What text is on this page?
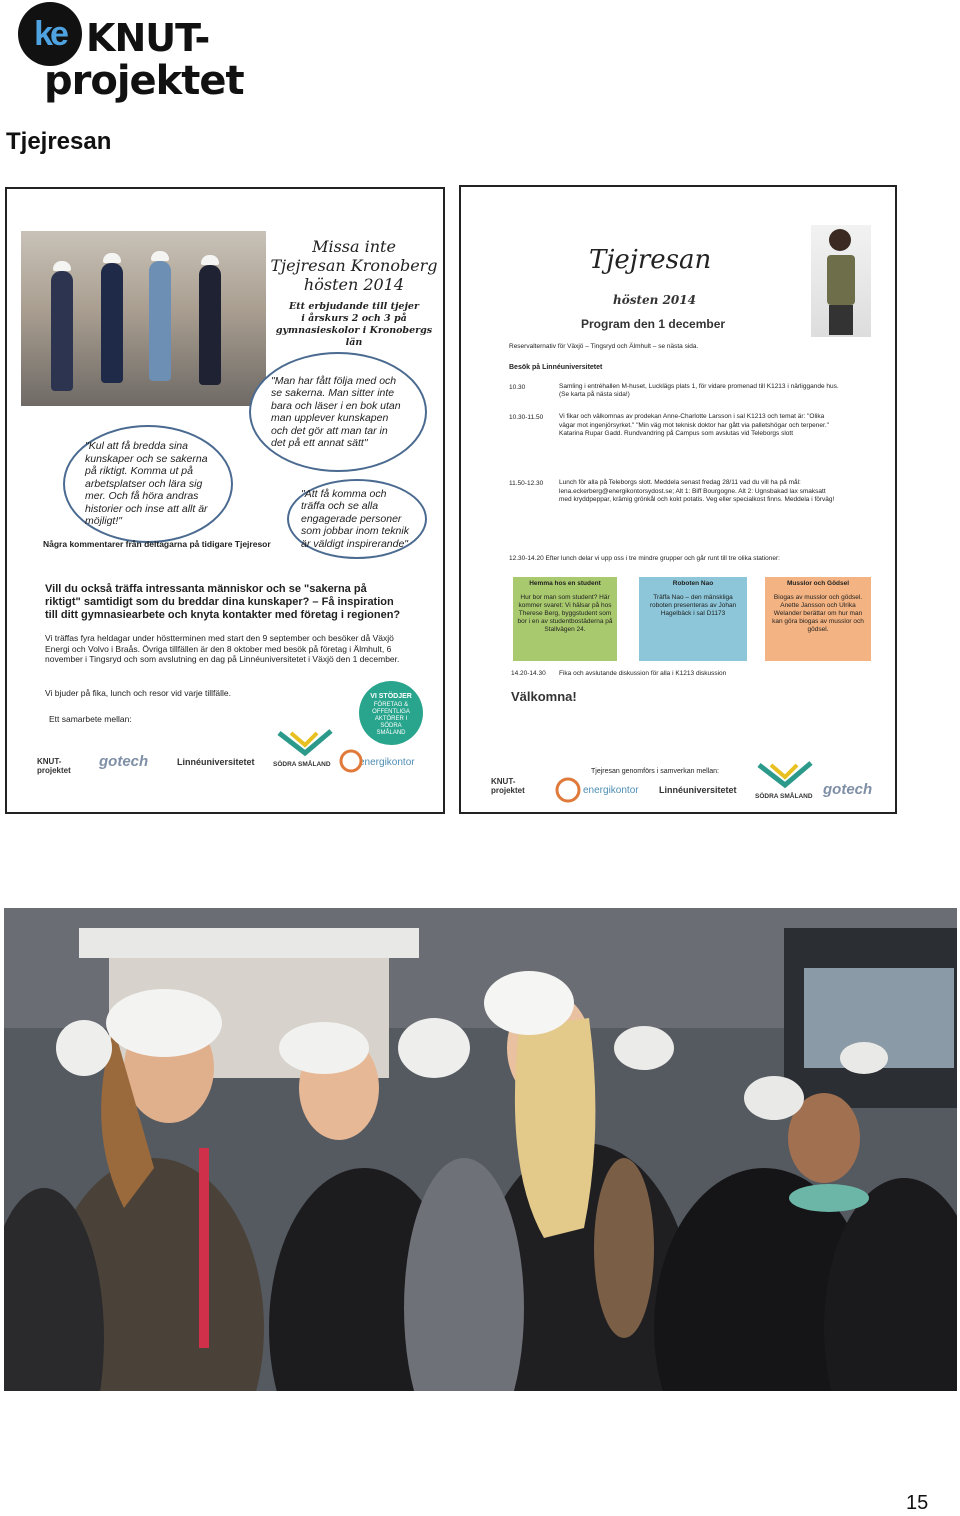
ke KNUT-
projektet
Tjejresan
Missa inte
Tjejresan Kronoberg
hösten 2014
Ett erbjudande till tjejer
i årskurs 2 och 3 på
gymnasieskolor i Kronobergs län
"Man har fått följa med och se sakerna. Man sitter inte bara och läser i en bok utan man upplever kunskapen och det gör att man tar in det på ett annat sätt"
"Kul att få bredda sina kunskaper och se sakerna på riktigt. Komma ut på arbetsplatser och lära sig mer. Och få höra andras historier och inse att allt är möjligt!"
"Att få komma och träffa och se alla engagerade personer som jobbar inom teknik är väldigt inspirerande"
Några kommentarer från deltagarna på tidigare Tjejresor
Vill du också träffa intressanta människor och se "sakerna på riktigt" samtidigt som du breddar dina kunskaper? – Få inspiration till ditt gymnasiearbete och knyta kontakter med företag i regionen?
Vi träffas fyra heldagar under höstterminen med start den 9 september och besöker då Växjö Energi och Volvo i Braås. Övriga tillfällen är den 8 oktober med besök på företag i Älmhult, 6 november i Tingsryd och som avslutning en dag på Linnéuniversitetet i Växjö den 1 december.
Vi bjuder på fika, lunch och resor vid varje tillfälle.
Ett samarbete mellan:
VI STÖDJER
FÖRETAG & OFFENTLIGA AKTÖRER I SÖDRA SMÅLAND
KNUT-projektet
gotech	Linnéuniversitetet	SÖDRA SMÅLAND	energikontor
Tjejresan
hösten 2014
Program den 1 december
Reservalternativ för Växjö – Tingsryd och Älmhult – se nästa sida.
Besök på Linnéuniversitetet
10.30	Samling i entréhallen M-huset, Lucklägs plats 1, för vidare promenad till K1213 i närliggande hus. (Se karta på nästa sida!)
10.30-11.50	Vi fikar och välkomnas av prodekan Anne-Charlotte Larsson i sal K1213 och temat är: "Olika vägar mot ingenjörsyrket." "Min väg mot teknisk doktor har gått via palletshögar och terpener." Katarina Rupar Gadd. Rundvandring på Campus som avslutas vid Teleborgs slott
11.50-12.30	Lunch för alla på Teleborgs slott. Meddela senast fredag 28/11 vad du vill ha på mål: lena.eckerberg@energikontorsydost.se; Alt 1: Biff Bourgogne. Alt 2: Ugnsbakad lax smaksatt med kryddpeppar, krämig grönkål och kokt potatis. Veg eller specialkost finns. Meddela i förväg!
12.30-14.20 Efter lunch delar vi upp oss i tre mindre grupper och går runt till tre olika stationer:
Hemma hos en student
Hur bor man som student? Här kommer svaret: Vi hälsar på hos Therese Berg, byggstudent som bor i en av studentbostäderna på Stallvägen 24.
Roboten Nao
Träffa Nao – den mänskliga roboten presenteras av Johan Hagelbäck i sal D1173
Musslor och Gödsel
Biogas av musslor och gödsel. Anette Jansson och Ulrika Welander berättar om hur man kan göra biogas av musslor och gödsel.
14.20-14.30	Fika och avslutande diskussion för alla i K1213 diskussion
Välkomna!
Tjejresan genomförs i samverkan mellan:
KNUT-projektet	energikontor Linnéuniversitetet
SÖDRA SMÅLAND gotech
15
